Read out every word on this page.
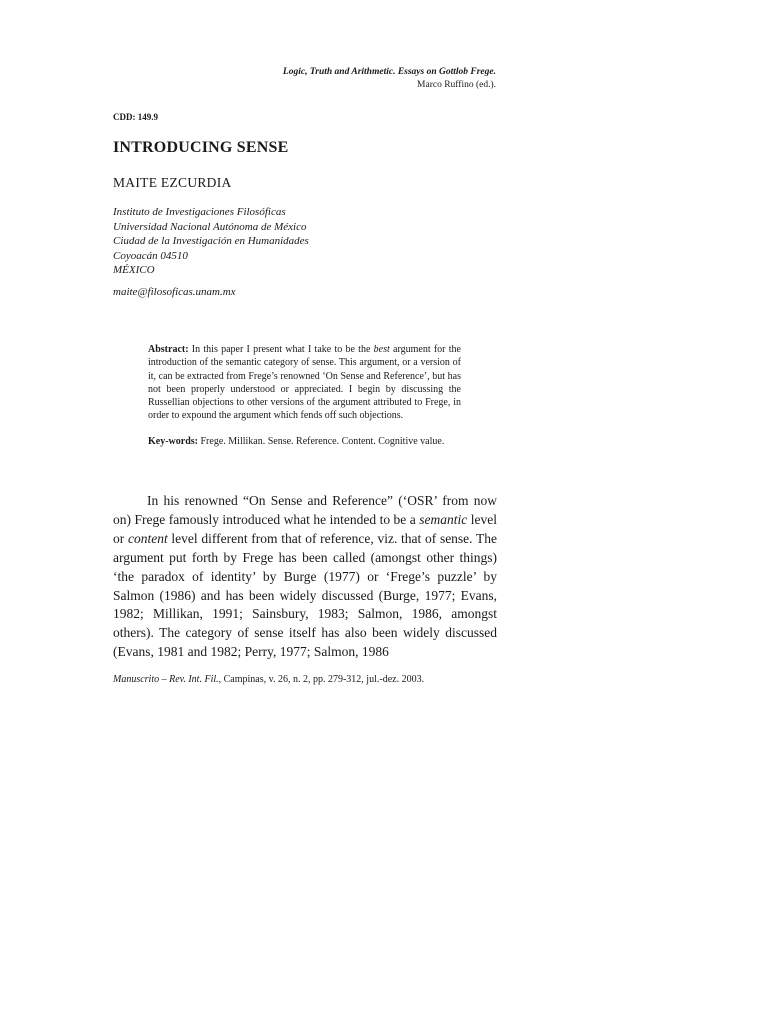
Logic, Truth and Arithmetic. Essays on Gottlob Frege.
Marco Ruffino (ed.).
CDD: 149.9
INTRODUCING SENSE
MAITE EZCURDIA
Instituto de Investigaciones Filosóficas
Universidad Nacional Autónoma de México
Ciudad de la Investigación en Humanidades
Coyoacán 04510
MÉXICO
maite@filosoficas.unam.mx
Abstract: In this paper I present what I take to be the best argument for the introduction of the semantic category of sense. This argument, or a version of it, can be extracted from Frege’s renowned ‘On Sense and Reference’, but has not been properly understood or appreciated. I begin by discussing the Russellian objections to other versions of the argument attributed to Frege, in order to expound the argument which fends off such objections.
Key-words: Frege. Millikan. Sense. Reference. Content. Cognitive value.

In his renowned “On Sense and Reference” (‘OSR’ from now on) Frege famously introduced what he intended to be a semantic level or content level different from that of reference, viz. that of sense. The argument put forth by Frege has been called (amongst other things) ‘the paradox of identity’ by Burge (1977) or ‘Frege’s puzzle’ by Salmon (1986) and has been widely discussed (Burge, 1977; Evans, 1982; Millikan, 1991; Sainsbury, 1983; Salmon, 1986, amongst others). The category of sense itself has also been widely discussed (Evans, 1981 and 1982; Perry, 1977; Salmon, 1986

Manuscrito – Rev. Int. Fil., Campinas, v. 26, n. 2, pp. 279-312, jul.-dez. 2003.
